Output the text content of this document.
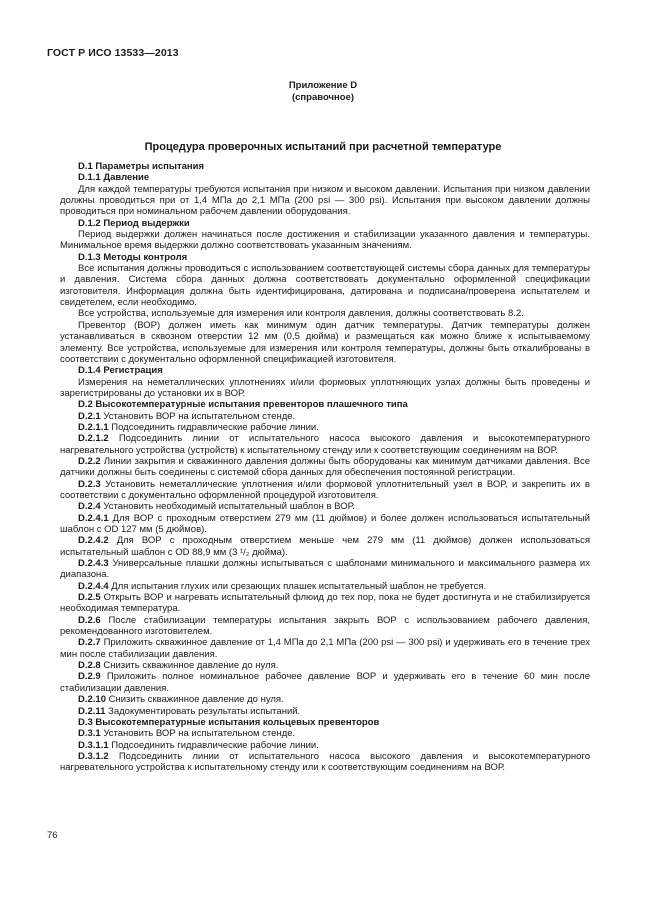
ГОСТ Р ИСО 13533—2013
Приложение D
(справочное)
Процедура проверочных испытаний при расчетной температуре

D.1 Параметры испытания

D.1.1 Давление

Для каждой температуры требуются испытания при низком и высоком давлении. Испытания при низком давлении должны проводиться при от 1,4 МПа до 2,1 МПа (200 psi — 300 psi). Испытания при высоком давлении должны проводиться при номинальном рабочем давлении оборудования.

D.1.2 Период выдержки

Период выдержки должен начинаться после достижения и стабилизации указанного давления и температуры. Минимальное время выдержки должно соответствовать указанным значениям.

D.1.3 Методы контроля

Все испытания должны проводиться с использованием соответствующей системы сбора данных для температуры и давления. Система сбора данных должна соответствовать документально оформленной спецификации изготовителя. Информация должна быть идентифицирована, датирована и подписана/проверена испытателем и свидетелем, если необходимо.

Все устройства, используемые для измерения или контроля давления, должны соответствовать 8.2.

Превентор (ВОР) должен иметь как минимум один датчик температуры. Датчик температуры должен устанавливаться в сквозном отверстии 12 мм (0,5 дюйма) и размещаться как можно ближе к испытываемому элементу. Все устройства, используемые для измерения или контроля температуры, должны быть откалиброваны в соответствии с документально оформленной спецификацией изготовителя.

D.1.4 Регистрация

Измерения на неметаллических уплотнениях и/или формовых уплотняющих узлах должны быть проведены и зарегистрированы до установки их в ВОР.

D.2 Высокотемпературные испытания превенторов плашечного типа

D.2.1 Установить ВОР на испытательном стенде.

D.2.1.1 Подсоединить гидравлические рабочие линии.

D.2.1.2 Подсоединить линии от испытательного насоса высокого давления и высокотемпературного нагревательного устройства (устройств) к испытательному стенду или к соответствующим соединениям на ВОР.

D.2.2 Линии закрытия и скважинного давления должны быть оборудованы как минимум датчиками давления. Все датчики должны быть соединены с системой сбора данных для обеспечения постоянной регистрации.

D.2.3 Установить неметаллические уплотнения и/или формовой уплотнительный узел в ВОР, и закрепить их в соответствии с документально оформленной процедурой изготовителя.

D.2.4 Установить необходимый испытательный шаблон в ВОР.

D.2.4.1 Для ВОР с проходным отверстием 279 мм (11 дюймов) и более должен использоваться испытательный шаблон с OD 127 мм (5 дюймов).

D.2.4.2 Для ВОР с проходным отверстием меньше чем 279 мм (11 дюймов) должен использоваться испытательный шаблон с OD 88,9 мм (3 ¹/₂ дюйма).

D.2.4.3 Универсальные плашки должны испытываться с шаблонами минимального и максимального размера их диапазона.

D.2.4.4 Для испытания глухих или срезающих плашек испытательный шаблон не требуется.

D.2.5 Открыть ВОР и нагревать испытательный флюид до тех пор, пока не будет достигнута и не стабилизируется необходимая температура.

D.2.6 После стабилизации температуры испытания закрыть ВОР с использованием рабочего давления, рекомендованного изготовителем.

D.2.7 Приложить скважинное давление от 1,4 МПа до 2,1 МПа (200 psi — 300 psi) и удерживать его в течение трех мин после стабилизации давления.

D.2.8 Снизить скважинное давление до нуля.

D.2.9 Приложить полное номинальное рабочее давление ВОР и удерживать его в течение 60 мин после стабилизации давления.

D.2.10 Снизить скважинное давление до нуля.

D.2.11 Задокументировать результаты испытаний.

D.3 Высокотемпературные испытания кольцевых превенторов

D.3.1 Установить ВОР на испытательном стенде.

D.3.1.1 Подсоединить гидравлические рабочие линии.

D.3.1.2 Подсоединить линии от испытательного насоса высокого давления и высокотемпературного нагревательного устройства к испытательному стенду или к соответствующим соединениям на ВОР.

76
